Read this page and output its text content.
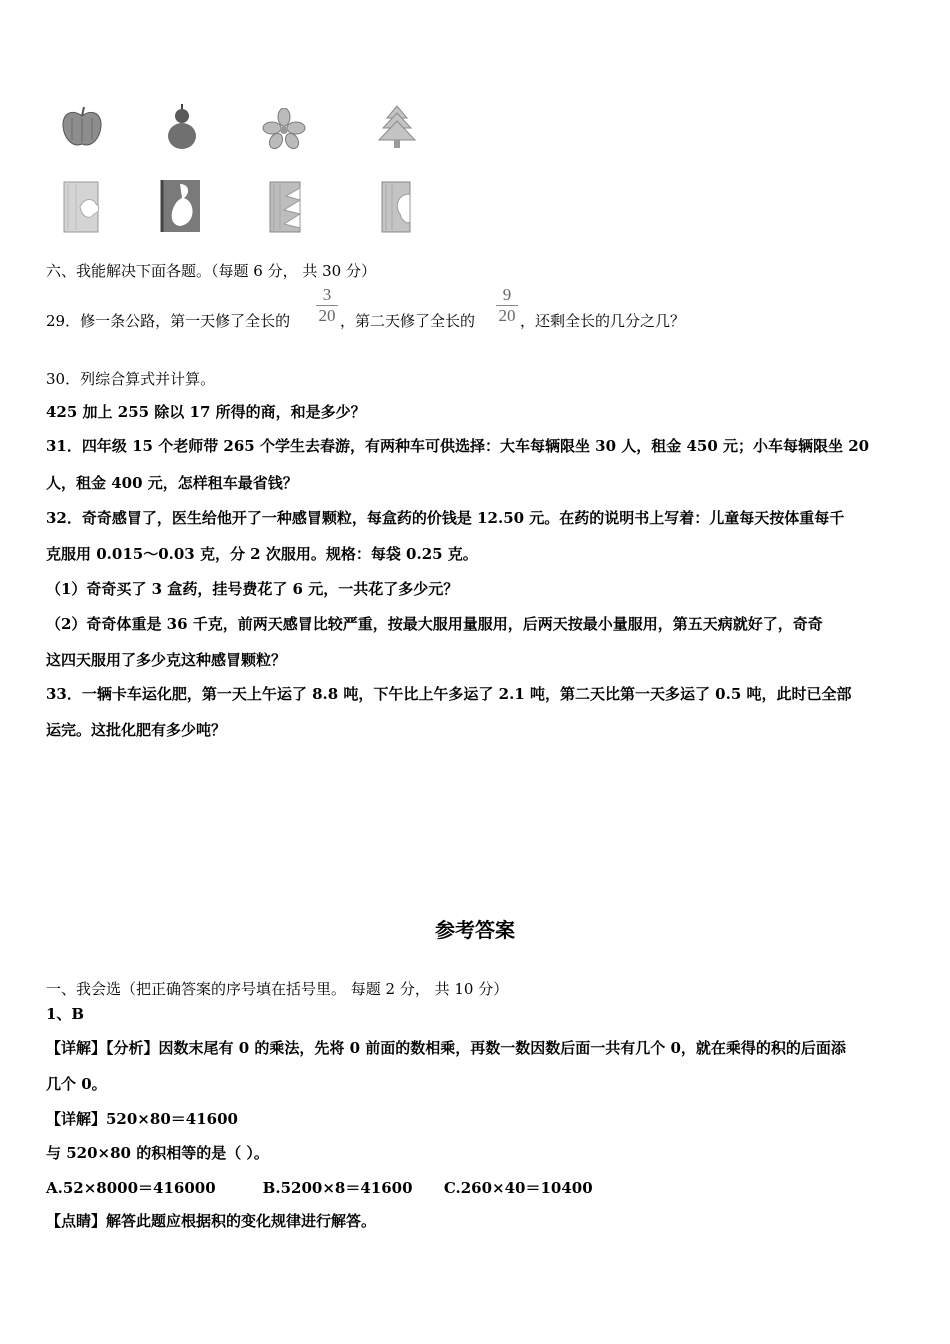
六、我能解决下面各题。（每题 6 分， 共 30 分）
29．修一条公路，第一天修了全长的
3
20 ，第二天修了全长的
9
20 ，还剩全长的几分之几？
30．列综合算式并计算。
425 加上 255 除以 17 所得的商，和是多少？
31．四年级 15 个老师带 265 个学生去春游，有两种车可供选择：大车每辆限坐 30 人，租金 450 元；小车每辆限坐 20
人，租金 400 元，怎样租车最省钱？
32．奇奇感冒了，医生给他开了一种感冒颗粒，每盒药的价钱是 12.50 元。在药的说明书上写着：儿童每天按体重每千
克服用 0.015～0.03 克，分 2 次服用。规格：每袋 0.25 克。
（1）奇奇买了 3 盒药，挂号费花了 6 元，一共花了多少元？
（2）奇奇体重是 36 千克，前两天感冒比较严重，按最大服用量服用，后两天按最小量服用，第五天病就好了，奇奇
这四天服用了多少克这种感冒颗粒？
33．一辆卡车运化肥，第一天上午运了 8.8 吨，下午比上午多运了 2.1 吨，第二天比第一天多运了 0.5 吨，此时已全部
运完。这批化肥有多少吨？
参考答案
一、我会选（把正确答案的序号填在括号里。 每题 2 分， 共 10 分）
1、B
【详解】【分析】因数末尾有 0 的乘法，先将 0 前面的数相乘，再数一数因数后面一共有几个 0，就在乘得的积的后面添
几个 0。
【详解】520×80＝41600
与 520×80 的积相等的是（ ）。
A.52×8000＝416000         B.5200×8＝41600      C.260×40＝10400
【点睛】解答此题应根据积的变化规律进行解答。
